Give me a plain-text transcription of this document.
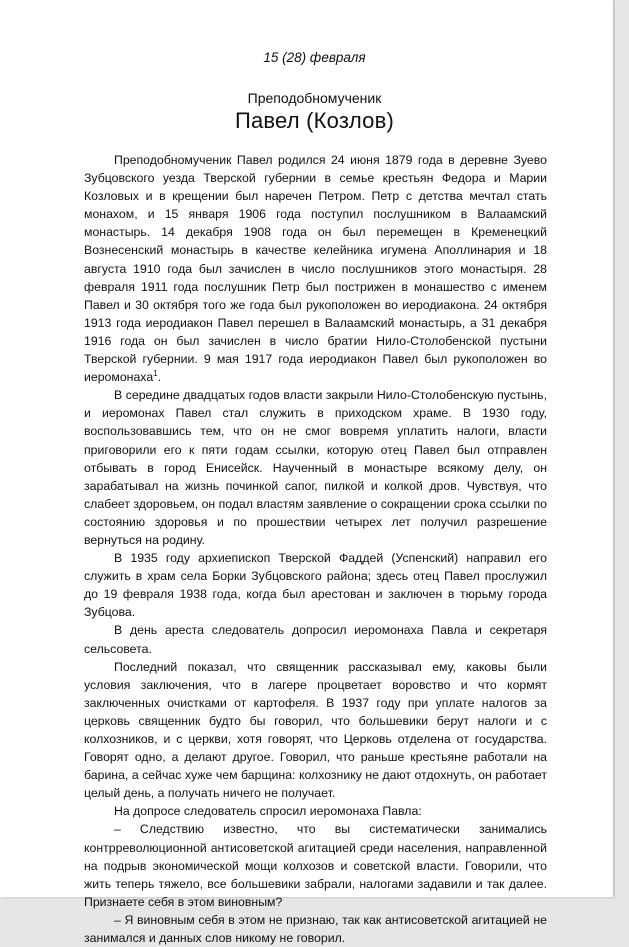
15 (28) февраля
Преподобномученик
Павел (Козлов)

Преподобномученик Павел родился 24 июня 1879 года в деревне Зуево Зубцовского уезда Тверской губернии в семье крестьян Федора и Марии Козловых и в крещении был наречен Петром. Петр с детства мечтал стать монахом, и 15 января 1906 года поступил послушником в Валаамский монастырь. 14 декабря 1908 года он был перемещен в Кременецкий Вознесенский монастырь в качестве келейника игумена Аполлинария и 18 августа 1910 года был зачислен в число послушников этого монастыря. 28 февраля 1911 года послушник Петр был пострижен в монашество с именем Павел и 30 октября того же года был рукоположен во иеродиакона. 24 октября 1913 года иеродиакон Павел перешел в Валаамский монастырь, а 31 декабря 1916 года он был зачислен в число братии Нило-Столобенской пустыни Тверской губернии. 9 мая 1917 года иеродиакон Павел был рукоположен во иеромонаха$^1$.

В середине двадцатых годов власти закрыли Нило-Столобенскую пустынь, и иеромонах Павел стал служить в приходском храме. В 1930 году, воспользовавшись тем, что он не смог вовремя уплатить налоги, власти приговорили его к пяти годам ссылки, которую отец Павел был отправлен отбывать в город Енисейск. Наученный в монастыре всякому делу, он зарабатывал на жизнь починкой сапог, пилкой и колкой дров. Чувствуя, что слабеет здоровьем, он подал властям заявление о сокращении срока ссылки по состоянию здоровья и по прошествии четырех лет получил разрешение вернуться на родину.

В 1935 году архиепископ Тверской Фаддей (Успенский) направил его служить в храм села Борки Зубцовского района; здесь отец Павел прослужил до 19 февраля 1938 года, когда был арестован и заключен в тюрьму города Зубцова.

В день ареста следователь допросил иеромонаха Павла и секретаря сельсовета.

Последний показал, что священник рассказывал ему, каковы были условия заключения, что в лагере процветает воровство и что кормят заключенных очистками от картофеля. В 1937 году при уплате налогов за церковь священник будто бы говорил, что большевики берут налоги и с колхозников, и с церкви, хотя говорят, что Церковь отделена от государства. Говорят одно, а делают другое. Говорил, что раньше крестьяне работали на барина, а сейчас хуже чем барщина: колхознику не дают отдохнуть, он работает целый день, а получать ничего не получает.

На допросе следователь спросил иеромонаха Павла:

– Следствию известно, что вы систематически занимались контрреволюционной антисоветской агитацией среди населения, направленной на подрыв экономической мощи колхозов и советской власти. Говорили, что жить теперь тяжело, все большевики забрали, налогами задавили и так далее. Признаете себя в этом виновным?

– Я виновным себя в этом не признаю, так как антисоветской агитацией не занимался и данных слов никому не говорил.
